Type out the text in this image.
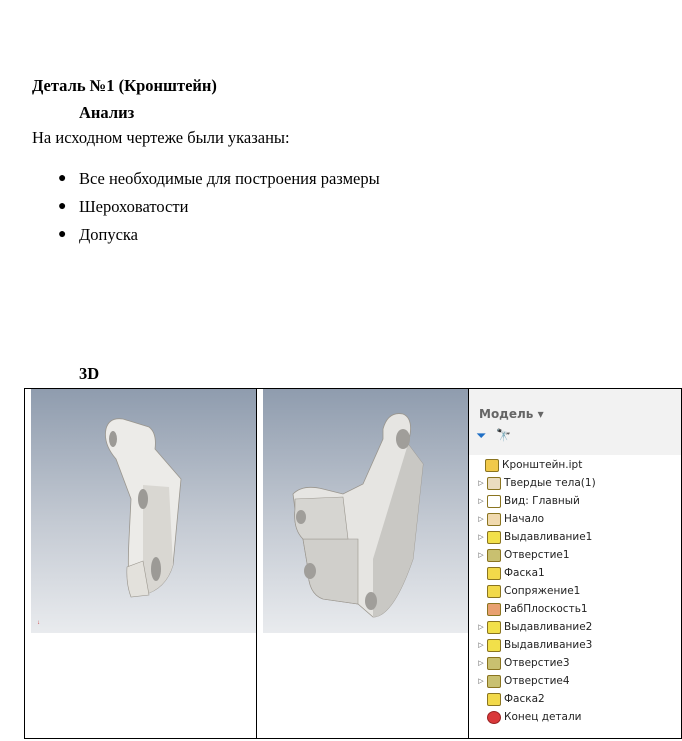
Деталь №1 (Кронштейн)
Анализ
На исходном чертеже были указаны:
● Все необходимые для построения размеры
● Шероховатости
● Допуска
3D
↓

Модель ▾
⏷ 🔭
Кронштейн.ipt
▷	Твердые тела(1)
▷	Вид: Главный
▷	Начало
▷	Выдавливание1
▷	Отверстие1
Фаска1
Сопряжение1
РабПлоскость1
▷	Выдавливание2
▷	Выдавливание3
▷	Отверстие3
▷	Отверстие4
Фаска2
Конец детали
